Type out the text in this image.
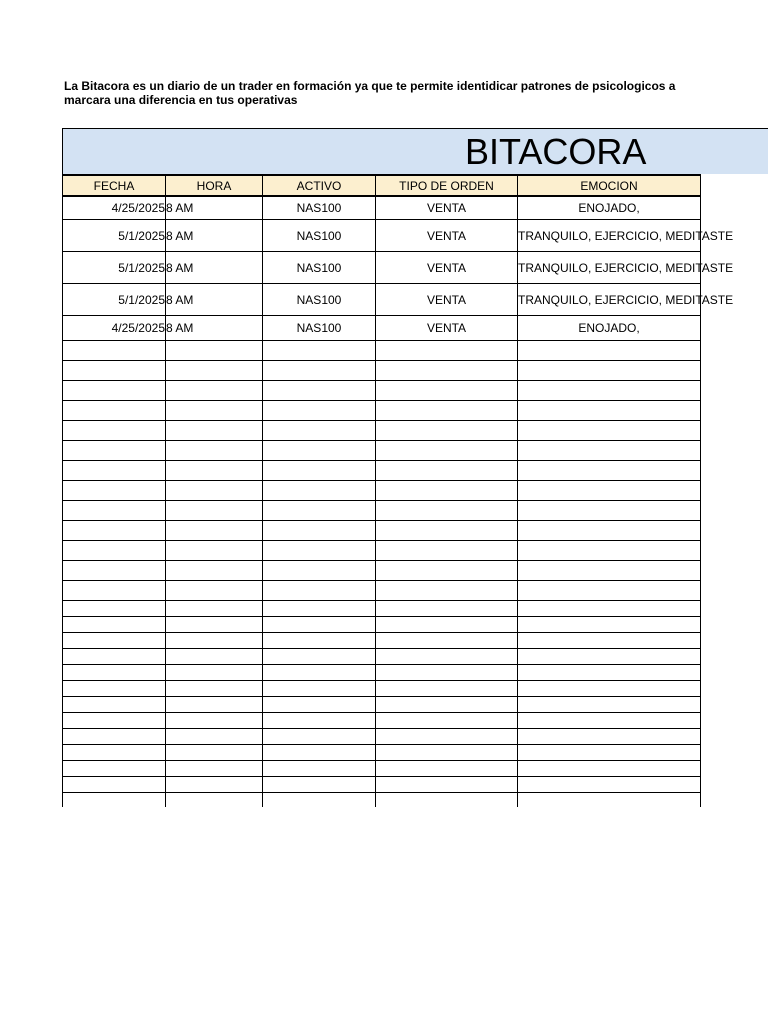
La Bitacora es un diario de un trader en formación ya que te permite identidicar patrones de psicologicos a
marcara una diferencia en tus operativas
BITACORA
FECHA	HORA	ACTIVO	TIPO DE ORDEN	EMOCION
4/25/2025	8 AM	NAS100	VENTA	ENOJADO,
5/1/2025	8 AM	NAS100	VENTA	TRANQUILO, EJERCICIO, MEDITASTE
5/1/2025	8 AM	NAS100	VENTA	TRANQUILO, EJERCICIO, MEDITASTE
5/1/2025	8 AM	NAS100	VENTA	TRANQUILO, EJERCICIO, MEDITASTE
4/25/2025	8 AM	NAS100	VENTA	ENOJADO,
